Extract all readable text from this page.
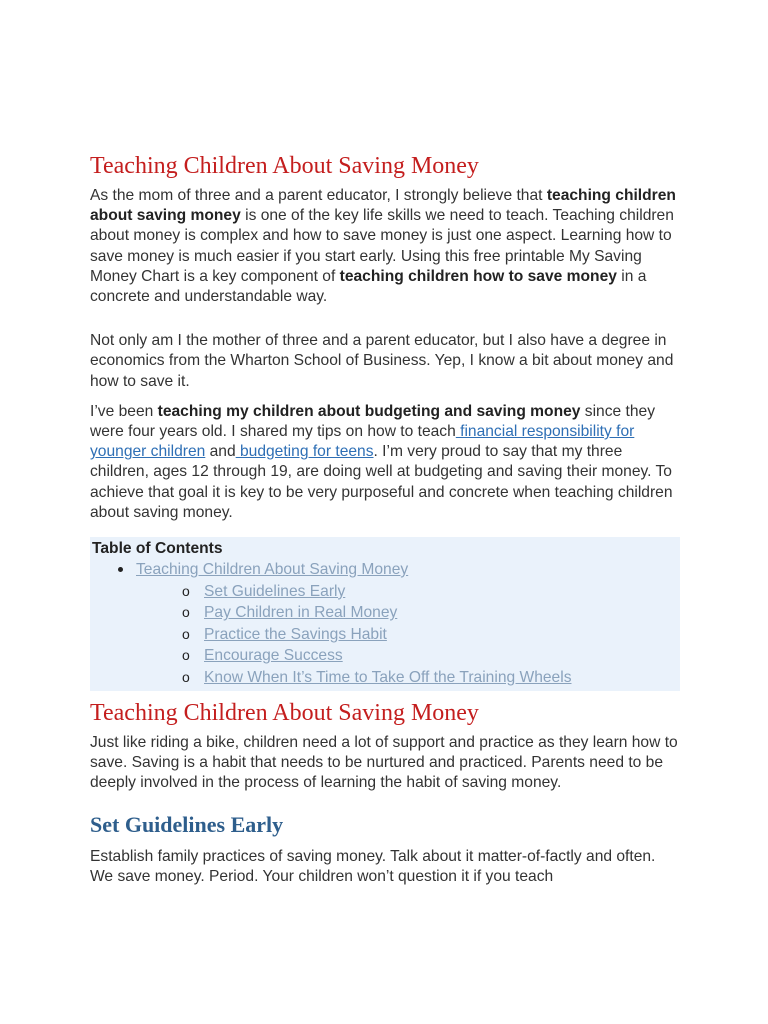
Teaching Children About Saving Money

As the mom of three and a parent educator, I strongly believe that teaching children about saving money is one of the key life skills we need to teach. Teaching children about money is complex and how to save money is just one aspect. Learning how to save money is much easier if you start early. Using this free printable My Saving Money Chart is a key component of teaching children how to save money in a concrete and understandable way.

Not only am I the mother of three and a parent educator, but I also have a degree in economics from the Wharton School of Business. Yep, I know a bit about money and how to save it.

I’ve been teaching my children about budgeting and saving money since they were four years old. I shared my tips on how to teach financial responsibility for younger children and budgeting for teens. I’m very proud to say that my three children, ages 12 through 19, are doing well at budgeting and saving their money. To achieve that goal it is key to be very purposeful and concrete when teaching children about saving money.

Table of Contents
Teaching Children About Saving Money
o Set Guidelines Early
o Pay Children in Real Money
o Practice the Savings Habit
o Encourage Success
o Know When It’s Time to Take Off the Training Wheels
Teaching Children About Saving Money

Just like riding a bike, children need a lot of support and practice as they learn how to save. Saving is a habit that needs to be nurtured and practiced. Parents need to be deeply involved in the process of learning the habit of saving money.

Set Guidelines Early

Establish family practices of saving money. Talk about it matter-of-factly and often. We save money. Period. Your children won’t question it if you teach
